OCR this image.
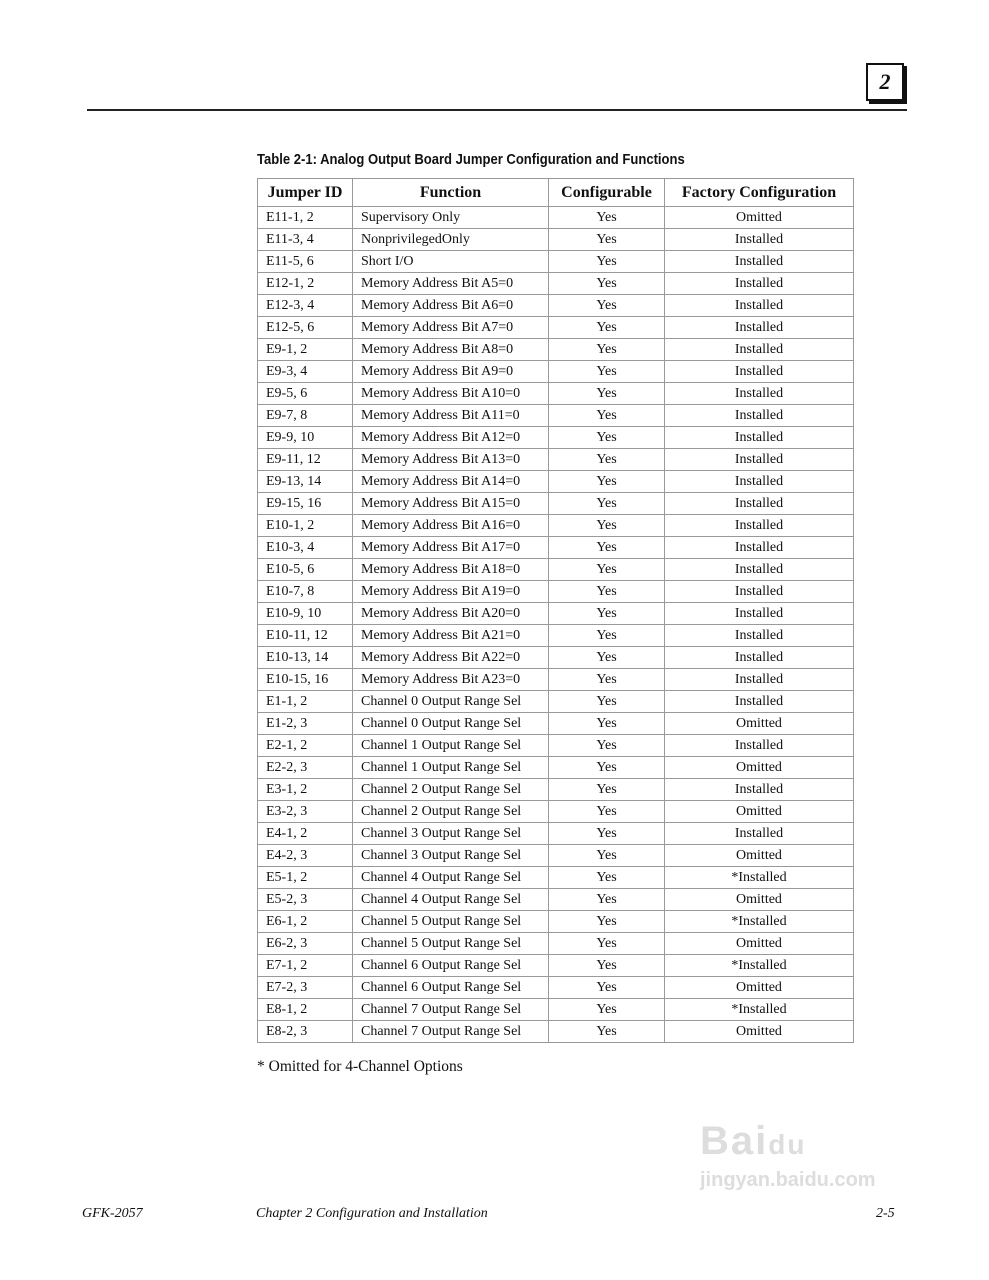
2
Table 2-1: Analog Output Board Jumper Configuration and Functions
Jumper ID	Function	Configurable	Factory Configuration
E11-1, 2	Supervisory Only	Yes	Omitted
E11-3, 4	NonprivilegedOnly	Yes	Installed
E11-5, 6	Short I/O	Yes	Installed
E12-1, 2	Memory Address Bit A5=0	Yes	Installed
E12-3, 4	Memory Address Bit A6=0	Yes	Installed
E12-5, 6	Memory Address Bit A7=0	Yes	Installed
E9-1, 2	Memory Address Bit A8=0	Yes	Installed
E9-3, 4	Memory Address Bit A9=0	Yes	Installed
E9-5, 6	Memory Address Bit A10=0	Yes	Installed
E9-7, 8	Memory Address Bit A11=0	Yes	Installed
E9-9, 10	Memory Address Bit A12=0	Yes	Installed
E9-11, 12	Memory Address Bit A13=0	Yes	Installed
E9-13, 14	Memory Address Bit A14=0	Yes	Installed
E9-15, 16	Memory Address Bit A15=0	Yes	Installed
E10-1, 2	Memory Address Bit A16=0	Yes	Installed
E10-3, 4	Memory Address Bit A17=0	Yes	Installed
E10-5, 6	Memory Address Bit A18=0	Yes	Installed
E10-7, 8	Memory Address Bit A19=0	Yes	Installed
E10-9, 10	Memory Address Bit A20=0	Yes	Installed
E10-11, 12	Memory Address Bit A21=0	Yes	Installed
E10-13, 14	Memory Address Bit A22=0	Yes	Installed
E10-15, 16	Memory Address Bit A23=0	Yes	Installed
E1-1, 2	Channel 0 Output Range Sel	Yes	Installed
E1-2, 3	Channel 0 Output Range Sel	Yes	Omitted
E2-1, 2	Channel 1 Output Range Sel	Yes	Installed
E2-2, 3	Channel 1 Output Range Sel	Yes	Omitted
E3-1, 2	Channel 2 Output Range Sel	Yes	Installed
E3-2, 3	Channel 2 Output Range Sel	Yes	Omitted
E4-1, 2	Channel 3 Output Range Sel	Yes	Installed
E4-2, 3	Channel 3 Output Range Sel	Yes	Omitted
E5-1, 2	Channel 4 Output Range Sel	Yes	*Installed
E5-2, 3	Channel 4 Output Range Sel	Yes	Omitted
E6-1, 2	Channel 5 Output Range Sel	Yes	*Installed
E6-2, 3	Channel 5 Output Range Sel	Yes	Omitted
E7-1, 2	Channel 6 Output Range Sel	Yes	*Installed
E7-2, 3	Channel 6 Output Range Sel	Yes	Omitted
E8-1, 2	Channel 7 Output Range Sel	Yes	*Installed
E8-2, 3	Channel 7 Output Range Sel	Yes	Omitted
* Omitted for 4-Channel Options
GFK-2057	Chapter 2 Configuration and Installation	2-5
Baidu
jingyan.baidu.com
